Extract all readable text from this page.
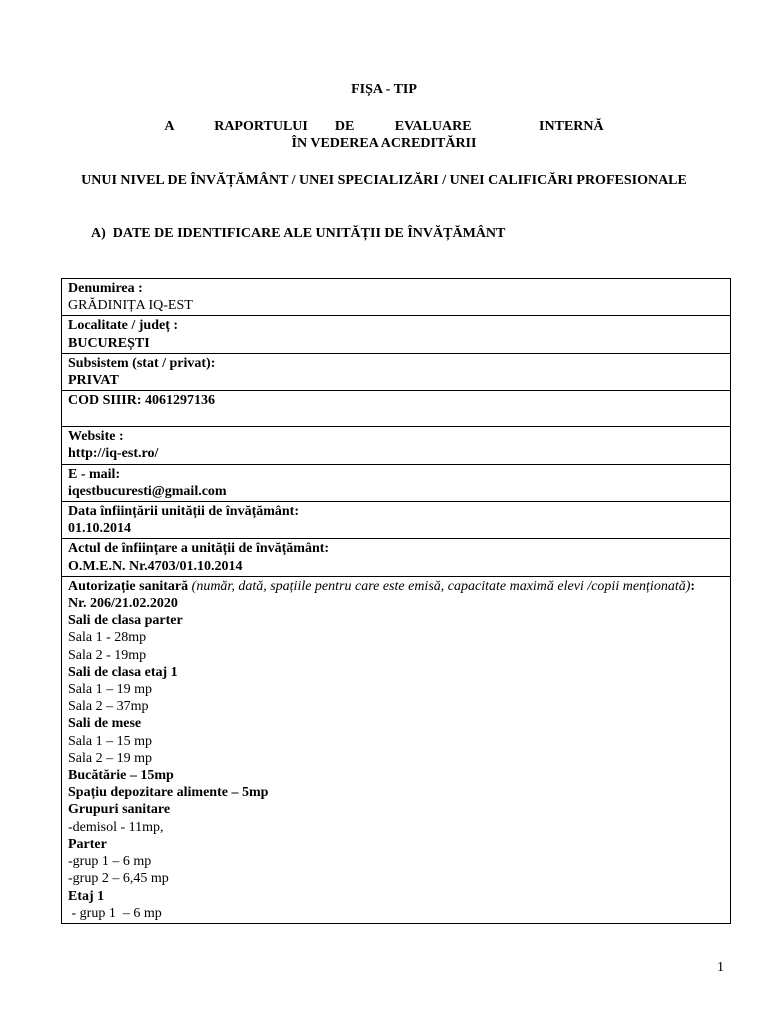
FIȘA - TIP
A   RAPORTULUI  DE   EVALUARE     INTERNĂ
ÎN VEDEREA ACREDITĂRII
UNUI NIVEL DE ÎNVĂȚĂMÂNT / UNEI SPECIALIZĂRI / UNEI CALIFICĂRI PROFESIONALE
A)  DATE DE IDENTIFICARE ALE UNITĂȚII DE ÎNVĂȚĂMÂNT
Denumirea :
GRĂDINIȚA IQ-EST

Localitate / județ :
BUCUREȘTI

Subsistem (stat / privat):
PRIVAT

COD SIIIR: 4061297136

Website :
http://iq-est.ro/

E - mail:
iqestbucuresti@gmail.com

Data înființării unității de învățământ:
01.10.2014

Actul de înființare a unității de învățământ:
O.M.E.N. Nr.4703/01.10.2014

Autorizație sanitară (număr, dată, spațiile pentru care este emisă, capacitate maximă elevi /copii menționată):
Nr. 206/21.02.2020
Sali de clasa parter
Sala 1 - 28mp
Sala 2 - 19mp
Sali de clasa etaj 1
Sala 1 – 19 mp
Sala 2 – 37mp
Sali de mese
Sala 1 – 15 mp
Sala 2 – 19 mp
Bucătărie – 15mp
Spațiu depozitare alimente – 5mp
Grupuri sanitare
-demisol - 11mp,
Parter
-grup 1 – 6 mp
-grup 2 – 6,45 mp
Etaj 1
- grup 1  – 6 mp
1
